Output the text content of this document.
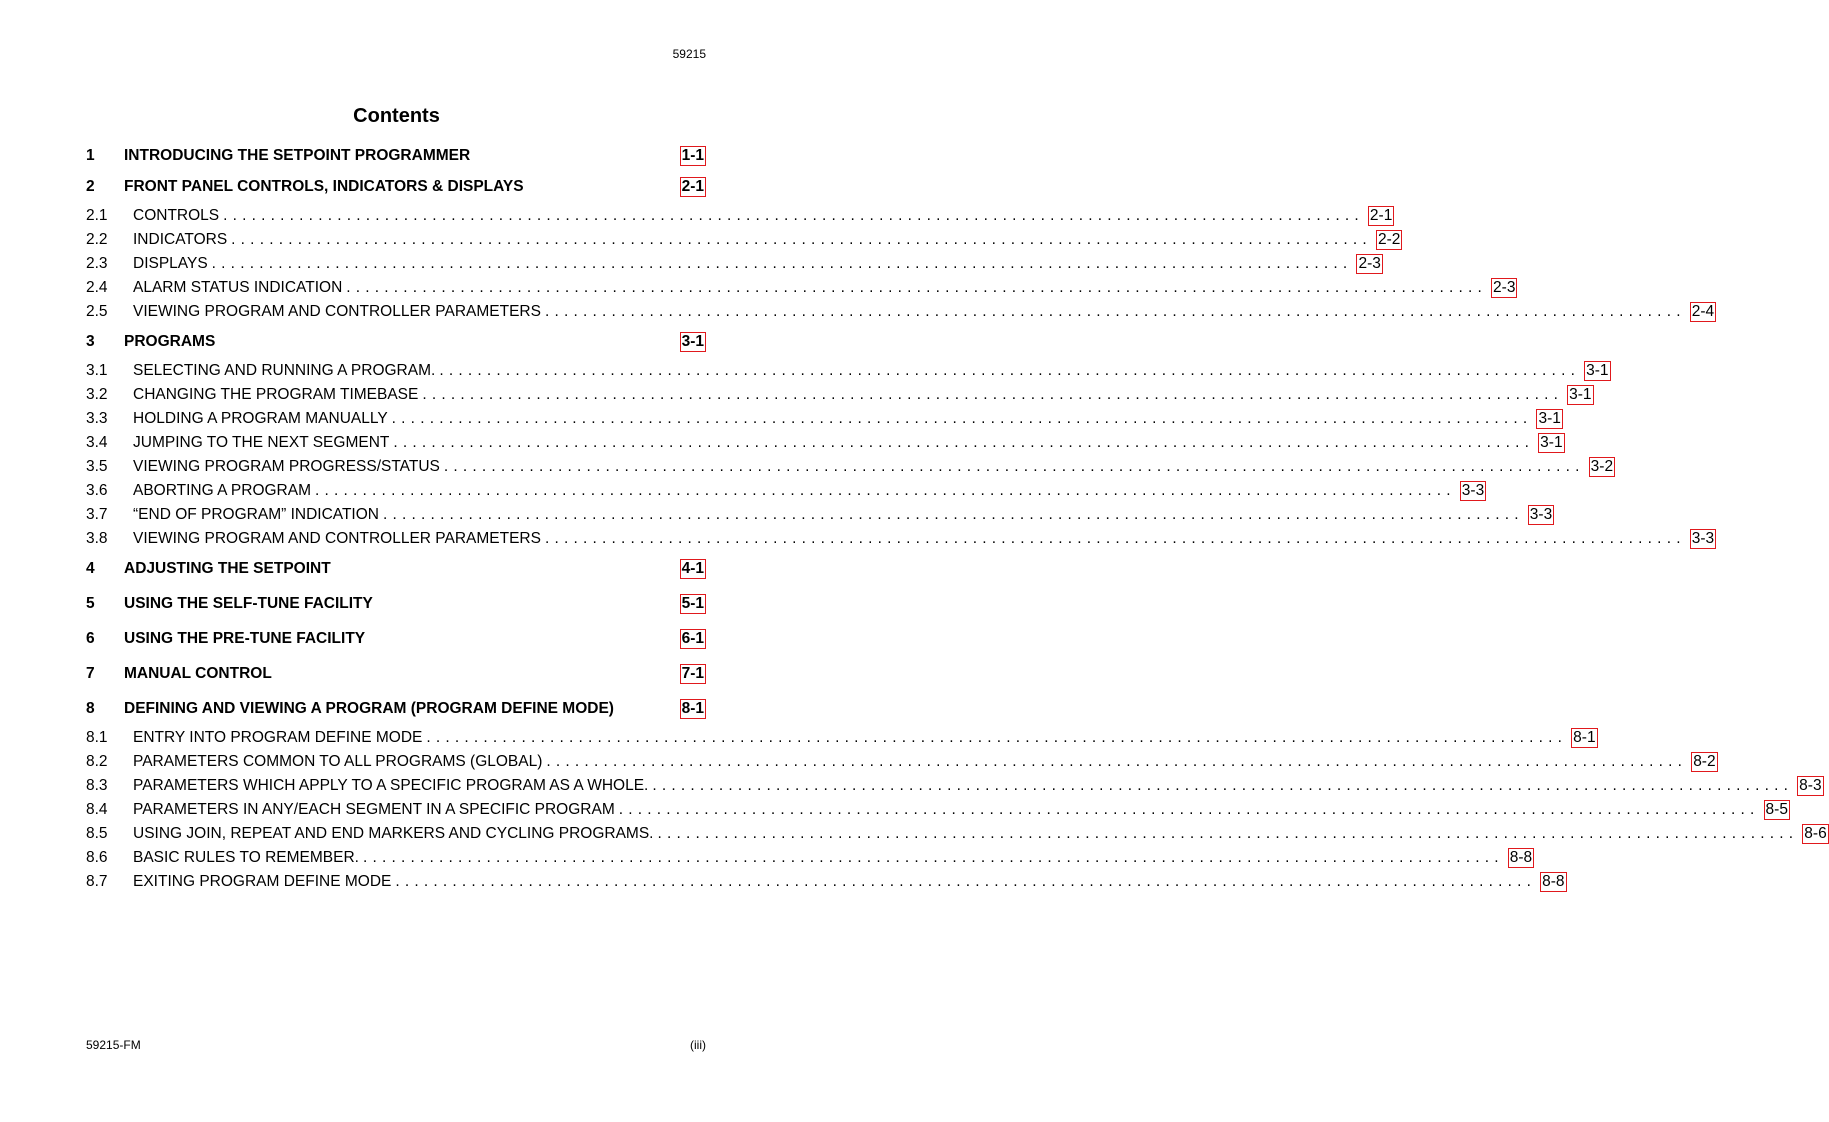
59215
Contents
1	INTRODUCING THE SETPOINT PROGRAMMER	1-1
2	FRONT PANEL CONTROLS, INDICATORS & DISPLAYS	2-1
2.1	CONTROLS ........................................................................................................................ 2-1
2.2	INDICATORS ........................................................................................................................ 2-2
2.3	DISPLAYS ........................................................................................................................ 2-3
2.4	ALARM STATUS INDICATION ........................................................................................................................ 2-3
2.5	VIEWING PROGRAM AND CONTROLLER PARAMETERS ........................................................................................................................ 2-4
3	PROGRAMS	3-1
3.1	SELECTING AND RUNNING A PROGRAM. ........................................................................................................................ 3-1
3.2	CHANGING THE PROGRAM TIMEBASE ........................................................................................................................ 3-1
3.3	HOLDING A PROGRAM MANUALLY ........................................................................................................................ 3-1
3.4	JUMPING TO THE NEXT SEGMENT ........................................................................................................................ 3-1
3.5	VIEWING PROGRAM PROGRESS/STATUS ........................................................................................................................ 3-2
3.6	ABORTING A PROGRAM ........................................................................................................................ 3-3
3.7	“END OF PROGRAM” INDICATION ........................................................................................................................ 3-3
3.8	VIEWING PROGRAM AND CONTROLLER PARAMETERS ........................................................................................................................ 3-3
4	ADJUSTING THE SETPOINT	4-1
5	USING THE SELF-TUNE FACILITY	5-1
6	USING THE PRE-TUNE FACILITY	6-1
7	MANUAL CONTROL	7-1
8	DEFINING AND VIEWING A PROGRAM (PROGRAM DEFINE MODE)	8-1
8.1	ENTRY INTO PROGRAM DEFINE MODE ........................................................................................................................ 8-1
8.2	PARAMETERS COMMON TO ALL PROGRAMS (GLOBAL) ........................................................................................................................ 8-2
8.3	PARAMETERS WHICH APPLY TO A SPECIFIC PROGRAM AS A WHOLE. ........................................................................................................................ 8-3
8.4	PARAMETERS IN ANY/EACH SEGMENT IN A SPECIFIC PROGRAM ........................................................................................................................ 8-5
8.5	USING JOIN, REPEAT AND END MARKERS AND CYCLING PROGRAMS. ........................................................................................................................ 8-6
8.6	BASIC RULES TO REMEMBER. ........................................................................................................................ 8-8
8.7	EXITING PROGRAM DEFINE MODE ........................................................................................................................ 8-8
59215-FM	(iii)
